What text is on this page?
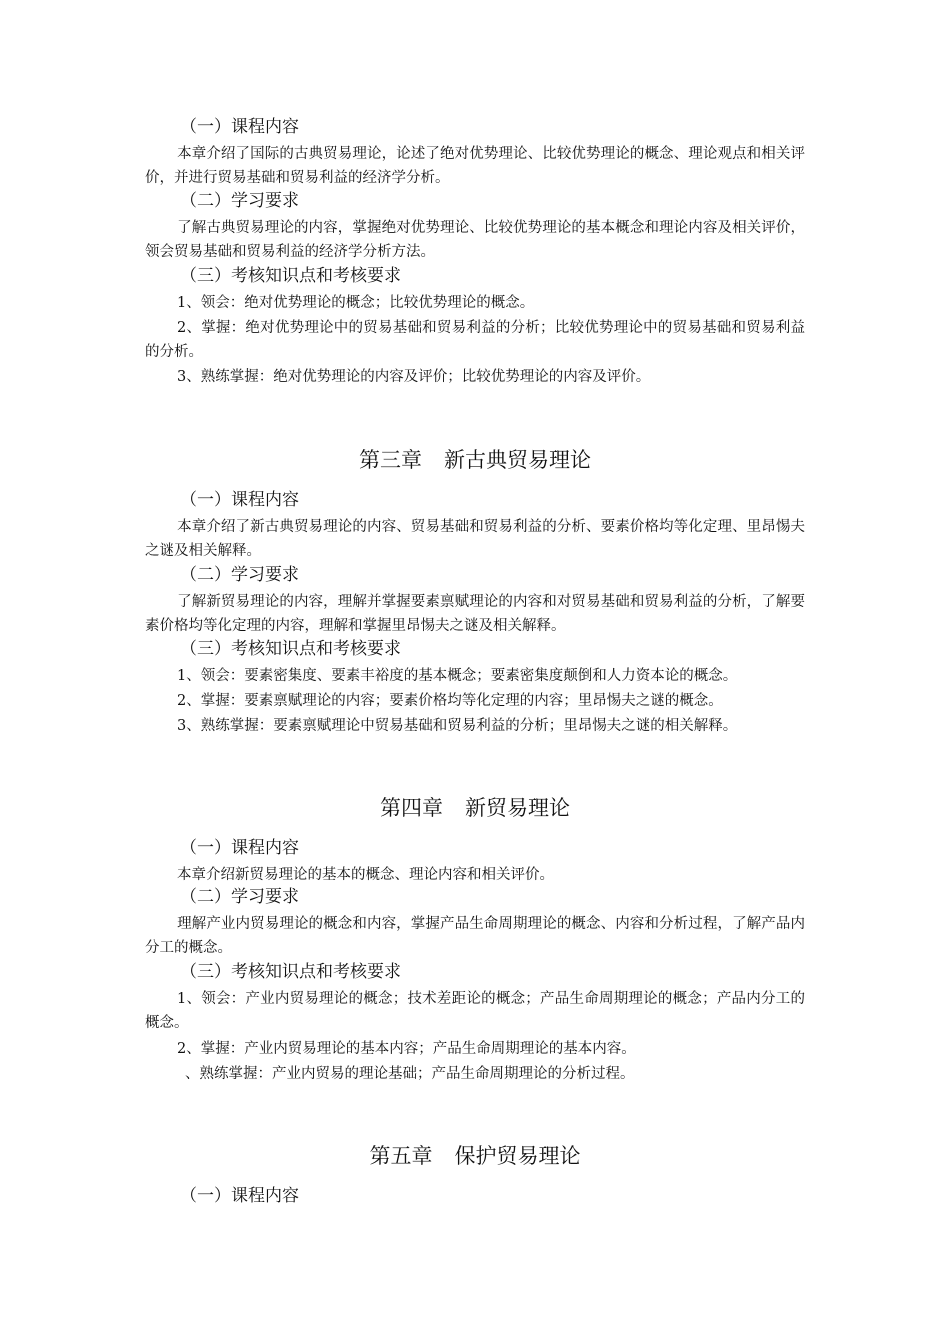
（一）课程内容
本章介绍了国际的古典贸易理论，论述了绝对优势理论、比较优势理论的概念、理论观点和相关评价，并进行贸易基础和贸易利益的经济学分析。
（二）学习要求
了解古典贸易理论的内容，掌握绝对优势理论、比较优势理论的基本概念和理论内容及相关评价，领会贸易基础和贸易利益的经济学分析方法。
（三）考核知识点和考核要求
1、领会：绝对优势理论的概念；比较优势理论的概念。
2、掌握：绝对优势理论中的贸易基础和贸易利益的分析；比较优势理论中的贸易基础和贸易利益的分析。
3、熟练掌握：绝对优势理论的内容及评价；比较优势理论的内容及评价。
第三章 新古典贸易理论
（一）课程内容
本章介绍了新古典贸易理论的内容、贸易基础和贸易利益的分析、要素价格均等化定理、里昂惕夫之谜及相关解释。
（二）学习要求
了解新贸易理论的内容，理解并掌握要素禀赋理论的内容和对贸易基础和贸易利益的分析，了解要素价格均等化定理的内容，理解和掌握里昂惕夫之谜及相关解释。
（三）考核知识点和考核要求
1、领会：要素密集度、要素丰裕度的基本概念；要素密集度颠倒和人力资本论的概念。
2、掌握：要素禀赋理论的内容；要素价格均等化定理的内容；里昂惕夫之谜的概念。
3、熟练掌握：要素禀赋理论中贸易基础和贸易利益的分析；里昂惕夫之谜的相关解释。
第四章 新贸易理论
（一）课程内容
本章介绍新贸易理论的基本的概念、理论内容和相关评价。
（二）学习要求
理解产业内贸易理论的概念和内容，掌握产品生命周期理论的概念、内容和分析过程，了解产品内分工的概念。
（三）考核知识点和考核要求
1、领会：产业内贸易理论的概念；技术差距论的概念；产品生命周期理论的概念；产品内分工的概念。
2、掌握：产业内贸易理论的基本内容；产品生命周期理论的基本内容。
、熟练掌握：产业内贸易的理论基础；产品生命周期理论的分析过程。
第五章 保护贸易理论
（一）课程内容
